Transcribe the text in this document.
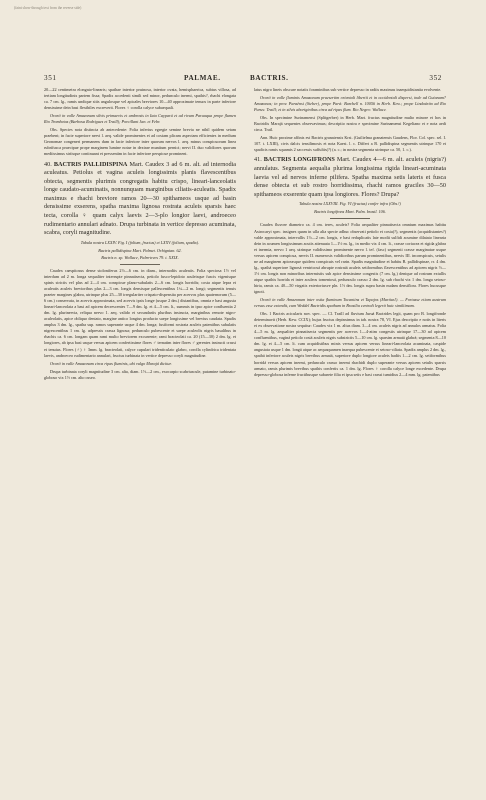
(faint show-through text from the reverse side)
351	PALMAE.	BACTRIS.	352

20—22 centimetra elongato-linearis; spathae interior pruinosa, interior ovata, hemisphaerica, subtus villosa, ad tertiam longitudinis partem fissa; Spadix accedenti simili sed minor, pedunculo inermi, spathis?, rhachi elongata ca. 7 cm. lg., ramis undique sitis angulosque vel apicales breviores 10—40 approximate tenuos in parte inferiore densissime dein basi flexibiles excreverit. Flores ♀ corolla calyce subaequali.

Orarii in valle Amazonum silvis primaevis et umbrosis in Iata Cayparú et ad rivum Paruaqua prope flumen Rio Trombetas (Barbosa Rodrigues et Traill); Porcillant Jan. et Febr.

Obs. Species nota distincta ab antecedente: Folia inferius egregie semine brevia ne nihil quidem setam praebent; in facie superiore nervi l. aeq. valide prominentes et ad costam plicam aspectam efficientes in medium Geonomae congeneri permanens dum in facie inferiore inter quorum nervos l. aeq. minus conspicuorum linea rubrifusca praecipue prope marginem lumine notae in dextrae munitum pernici; nervi II. duo validiores quorum mediissimus striisque continuant et pressentim in facie inferiore perspicue prominent.

40. BACTRIS PALLIDISPINA Mart. Caudex 3 ad 6 m. alt. ad internodia aculeatus. Petiolus et vagina aculeis longissimis planis flavescentibus obtecta, segmentis plurimis congregatis habitu crispo, lineari-lanceolatis longe caudato-acuminatis, nonnunquam marginibus ciliatis-aculeatis. Spadix maximus e rhachi breviore ramos 20—30 spithameos usque ad basin densissime exserens, spatha maxima lignosa rostrata aculeis sparsis haec tecta, corolla ♀ quam calyx laevis 2—3-plo longior laevi, androeceo rudimentario annulari adnato. Drupa turbinata in vertice depresso acuminata, scabra, coryli magnitudine.

Tabula nostra LXXIV. Fig. I (folium, fructus) et LXXV (folium, spadix).

Bactris pallidispina Mart. Palmet. Orbignian. 62.
Bactris n. sp. Wallace, Palm-trees 79. t. XXIX.

Caudex caespitosus dense stoloniferus 2½—6 cm. in diam., internodiis aculeatis. Folia speciosa 1½ vel interdum ad 2 m. longa sequaliter interrupte pinnatisecta, petiolo fusco-lepidoto aculeisque fuscis vigenisque spinis strictis vel plus ad 2—4 cm. conspicue plano-subulatis 2—6 cm. longis horridis; costa atque lepra et aculeatis aculeis brevioribus plus 2—3 cm. longis densisque pallescentibus 1¼—2 m. longi; segmentis tenuis praeter margines glabra, utrinque plus 25—30 irregulariter crispato-dispensita per acervos plus quaternorum (5—6 cm.) conservata, in acervis approximata, sed acervis ipsis longe (usque 2 dm.) distantibus, omnia e basi angusta lineari-lanceolata a basi ad apicem decrescentes 7—9 dm. lg. et 4—5 cm. lt., summis in ipso apice confluentia 2 dm. lg. plurinervia, reliqua nervo 1. aeq. valido et secundariis pluribus instructa, marginibus remote nigro-aculeolatis, apice obliquo dentato, margine antico longius producto saepe longissime vel brevius caudata. Spadix amplus 3 dm. lg., spatha sup. ramos superante usque 4 dm. longa; fusiformi rostrata aculeis patentibus subulatis nigrescentibus 1 cm. lg. adpressis crassa lignosa; pedunculo pubescente et saepe aculeolis nigris basalibus in rhachis ca. 6 cm. longam quam rami multo breviorem excurrente; rami bracteolati ca. 20 (15—30) 2 dm. lg. et longiores, ab ipsa basi usque versus apicem confertissime flores ♂ ternatim inter flores ♂ gerentes instructi crassi et tenuius. Flores (♂) ♀ 3mm. lg. bracteolati, calyce cupulari tridenticulato glabro, corolla cylindrica tridentata laevis, androeceo rudimentario annulari, fructus turbinata in vertice depresso coryli magnitudine.

Orarii in valle Amazonum circa ripas fluminis, ubi vulgo Marajá dicitur.

Drupa turbinata coryli magnitudine 3 cm. alta, diam. 1½—2 cm., exocarpio scabriuscule, putamine turbinato-globoso vix 1½ cm. alto osseo.

latus nigro lineis obscure notatis foraminibus sub vertice depresso in radiis maximas inaequidistantia evolvente.

Orarii in valle fluminis Amazonum praesertim orientali libertii et in occidentali dispersi, inde ad Guianam? Amazonas; in prov. Paraënsi (Sieber), prope Pará: Burchell n. 10056 in Herb. Kew.; prope Lindaúrito ad Rio Purus: Traill; et in silvis aboriginibus circa ad ripas flum. Rio Negro: Wallace.

Obs. In specimine Surinamensi (Splitgerber) in Herb. Mart. fructus magnitudine multo minore et hos in Bactridis Marajá sequentes observavimus; descriptio nostra e specimine Surinamensi Kegeliano et e nota aedi circa. Trail.

Ann. Huic proxime affinis est Bactris granatensis Krst. (Guilielma granatensis Gaudens, Flor. Col. spec. sel. I. 107. t. LXIII), civis dalcis tensilimosis et nota Kaest. l. c. Differt a B. pallidispina segmentis utrinque 170 et spadicis ramis squamis 2 saccessis suffultis(?) (a. c.; in nostra segmenta utrinque ca. 50, 1. c.).

41. BACTRIS LONGIFRONS Mart. Caudex 4—6 m. alt. aculeis (nigris?) annulatus. Segmenta aequalia plurima longissima rigida lineari-acuminata laevia vel ad nervos inferne pilifera. Spatha maxima setis lateris et fusca dense obtecta et sub rostro horridissima, rhachi ramos graciles 30—50 spithameos exserente quam ipsa longiores. Flores? Drupa?

Tabula nostra LXXVIII. Fig. VI (fructus) confer infra (Obs.!)

Bactris longifrons Mart. Palm. brasil. 106.

Caudex fluvore diametro ca. 4 cm. teres, aculeis? Folia aequaliter pinnatisecta omnium maximas habitu Astrocaryi spec. insignes quam in ulla alia specie adhuc observati petiolo et costa(?), segmentis (acquidistantes?) valde approximata, intervallis 1½—2 cm. longis, e basi reduplicatis late modii sulfidi acumine dilatato linearia dein in acumen longissimum acutis attenuata 1—1½ m. lg., in medio vix 4 cm. lt., crasse coriacea et rigida glabra et inermia, nervo 1 aeq. utrinque validissimo prominente nervo l. tef. (fasc) segmenti crasse marginatae usque versus apicem conspicua, nervis II. numerosis validioribus parum prominentibus, nervis III. inconspicuis, setulis ne ad marginem apiceasque quidem conspicuis vel rarin. Spadix magnitudine et habitu B. pallidispinae, rr. 4 dm. lg., spathá superiore lignosá ventricosá abrupte rostratá aculeis setiformibus flavescentibus ad apicem nigris ½—1½ cm. longis non minoribus intermixtis sub apice densissime congestis (7 cm. lg.) denique ad rostrum extullis atque spathis horrida et inter aculeos tomentosá, pedunculo crasso 2 dm. lg. sub rhachi vix 1 dm. longa setoso-hirta, ramis ca. 40—50 virgatis exterioriusve pln. 1½ dm. longis supra basin nudam densiflora. Flores hucusque ignoti.

Orarii in valle Amazonum inter ostia fluminum Tocantins et Tapajos (Martius!). — Fortasse etiam austrum versus esse extendit, cum Weddel Bactridis spathum in Brasilia centrali legerit huic similiimam.

Obs. 1 Bactris acicularis nov. spec. — Cl. Traill ad fluvium Juruá Bactrides legit, quam pro B. longifronde determinavit (Herb. Kew. CCIX); hujus fructus depinximus in tab. nostra 78, VI. Ejus descriptio e notis in literis et ex observatione nostra sequitur: Caudex vix 1 m. altus diam. 3—4 cm. aculeis nigris ad annulos armatus. Folia 4—5 m. lg. aequaliter pinnatisecta segmentis per acervos 1—4-atim congestis utrinque 17—30 ad apicem confluentibus, vaginá petiolo costá aculeis nigris substrictis 5—10 cm. lg. sparsim armatá glabrá; segmenta 8—10 dm. lg. et 4—5 cm. lt. cum acquidistibus minis versus apicem versus lineari-lanceolata acuminata, caspide angustata usque 1 dm. longá atque ac aequaquamen inaequa pubescente et setoso-ciliata. Spadix amplus 2 dm. lg., spathá inferiore aculeis nigris brevibus armatá, superiore duplo longiore aculeis badiis 1—2 cm. lg. setiformibus horridá versus apicem inermi, pedunculo crasso inermi rhachidi duplo superante versus apicem setulis sparsis armato, ramis plurimis brevibus spathis confertis ca. 1 dm. lg. Flores ♀ corolla calyce longe excedente. Drupa depresso-globosa inferne fructibusque subarete filia et ipsa setis e basi crassi tumidius 2—4 mm. lg. patentibus
